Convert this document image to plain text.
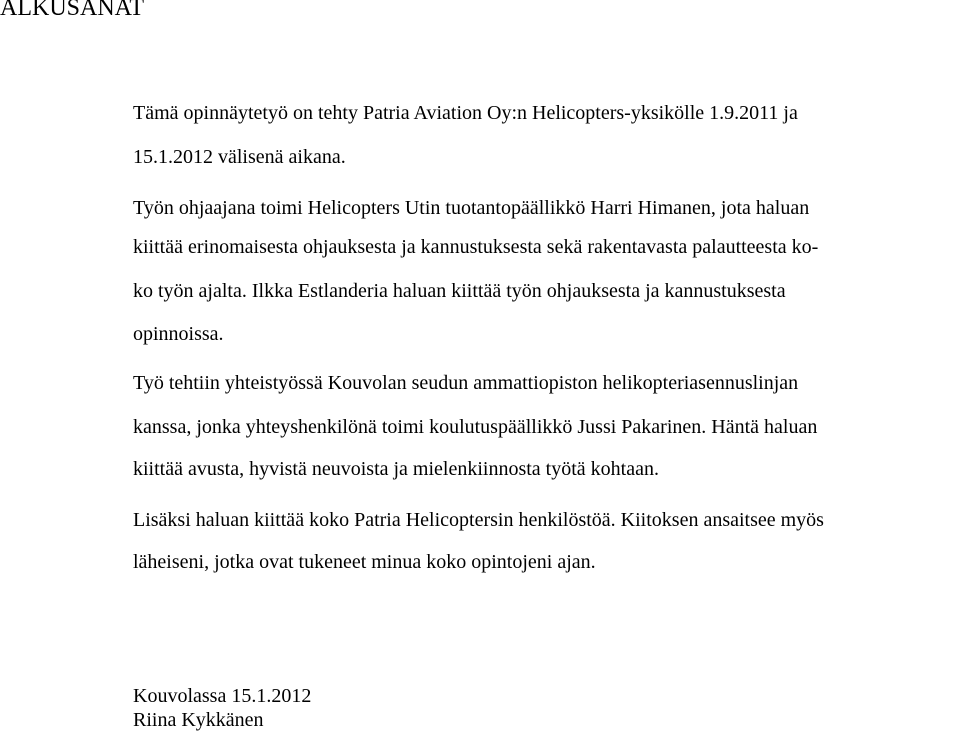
ALKUSANAT

Tämä opinnäytetyö on tehty Patria Aviation Oy:n Helicopters-yksikölle 1.9.2011 ja

15.1.2012 välisenä aikana.

Työn ohjaajana toimi Helicopters Utin tuotantopäällikkö Harri Himanen, jota haluan

kiittää erinomaisesta ohjauksesta ja kannustuksesta sekä rakentavasta palautteesta ko-

ko työn ajalta. Ilkka Estlanderia haluan kiittää työn ohjauksesta ja kannustuksesta

opinnoissa.

Työ tehtiin yhteistyössä Kouvolan seudun ammattiopiston helikopteriasennuslinjan

kanssa, jonka yhteyshenkilönä toimi koulutuspäällikkö Jussi Pakarinen. Häntä haluan

kiittää avusta, hyvistä neuvoista ja mielenkiinnosta työtä kohtaan.

Lisäksi haluan kiittää koko Patria Helicoptersin henkilöstöä. Kiitoksen ansaitsee myös

läheiseni, jotka ovat tukeneet minua koko opintojeni ajan.

Kouvolassa 15.1.2012

Riina Kykkänen
